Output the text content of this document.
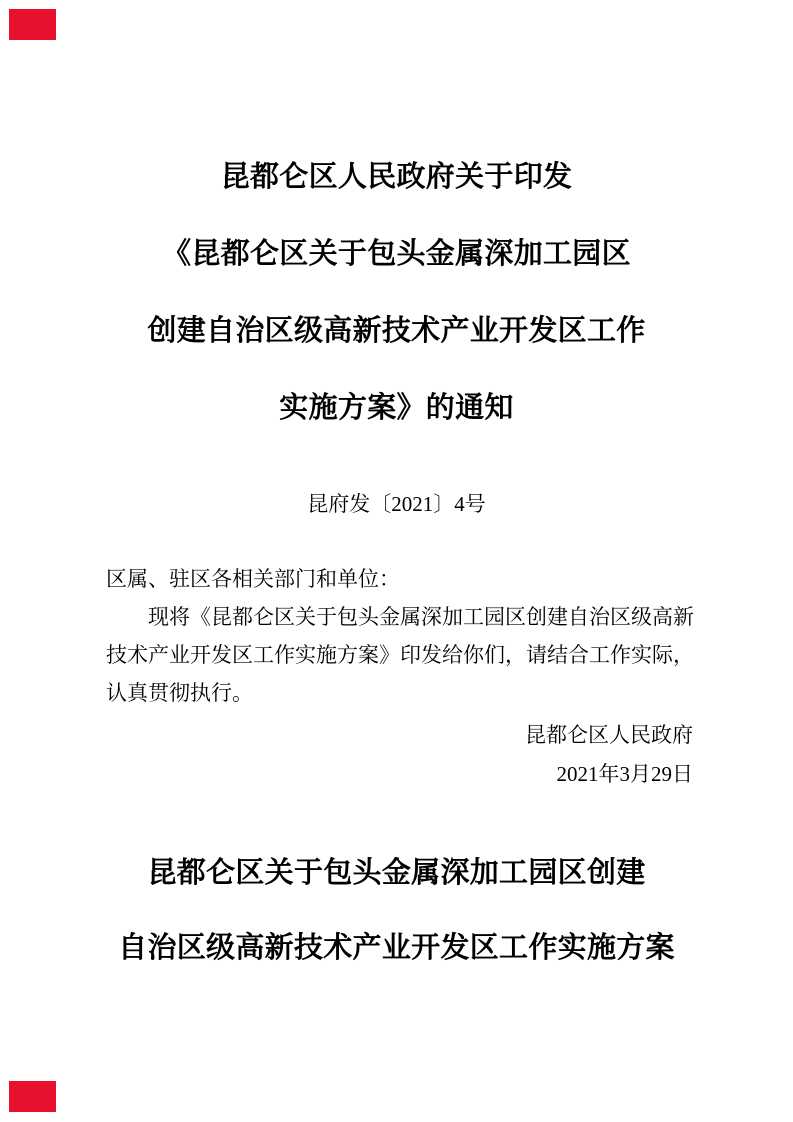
昆都仑区人民政府关于印发
《昆都仑区关于包头金属深加工园区
创建自治区级高新技术产业开发区工作
实施方案》的通知
昆府发〔2021〕4号
区属、驻区各相关部门和单位：
现将《昆都仑区关于包头金属深加工园区创建自治区级高新
技术产业开发区工作实施方案》印发给你们，请结合工作实际，
认真贯彻执行。
昆都仑区人民政府
2021年3月29日
昆都仑区关于包头金属深加工园区创建
自治区级高新技术产业开发区工作实施方案
